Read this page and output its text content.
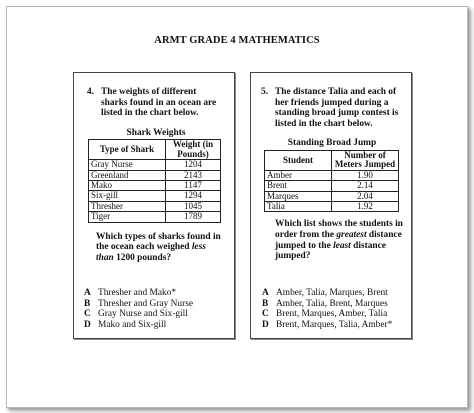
ARMT GRADE 4 MATHEMATICS
4. The weights of different sharks found in an ocean are listed in the chart below.
Shark Weights
Type of Shark	Weight (in Pounds)
Gray Nurse	1204
Greenland	2143
Mako	1147
Six-gill	1294
Thresher	1045
Tiger	1789
Which types of sharks found in the ocean each weighed less than 1200 pounds?
A Thresher and Mako*
B Thresher and Gray Nurse
C Gray Nurse and Six-gill
D Mako and Six-gill
5. The distance Talia and each of her friends jumped during a standing broad jump contest is listed in the chart below.
Standing Broad Jump
Student	Number of Meters Jumped
Amber	1.90
Brent	2.14
Marques	2.04
Talia	1.92
Which list shows the students in order from the greatest distance jumped to the least distance jumped?
A Amber, Talia, Marques, Brent
B Amber, Talia, Brent, Marques
C Brent, Marques, Amber, Talia
D Brent, Marques, Talia, Amber*
